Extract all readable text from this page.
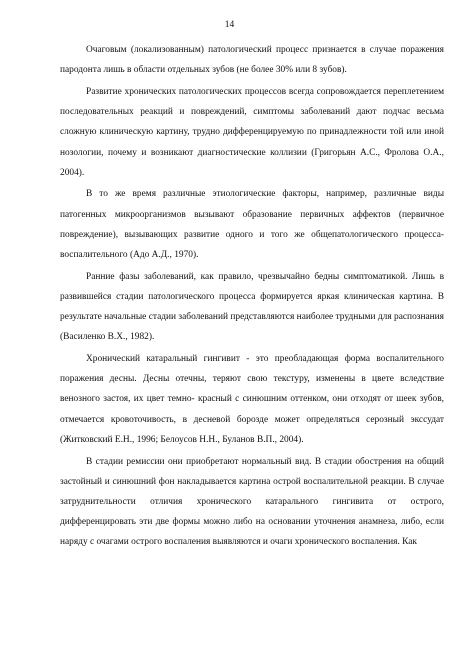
14

Очаговым (локализованным) патологический процесс признается в случае поражения пародонта лишь в области отдельных зубов (не более 30% или 8 зубов).

Развитие хронических патологических процессов всегда сопровождается переплетением последовательных реакций и повреждений, симптомы заболеваний дают подчас весьма сложную клиническую картину, трудно дифференцируемую по принадлежности той или иной нозологии, почему и возникают диагностические коллизии (Григорьян А.С., Фролова О.А., 2004).

В то же время различные этиологические факторы, например, различные виды патогенных микроорганизмов вызывают образование первичных аффектов (первичное повреждение), вызывающих развитие одного и того же общепатологического процесса- воспалительного (Адо А.Д., 1970).

Ранние фазы заболеваний, как правило, чрезвычайно бедны симптоматикой. Лишь в развившейся стадии патологического процесса формируется яркая клиническая картина. В результате начальные стадии заболеваний представляются наиболее трудными для распознания (Василенко В.Х., 1982).

Хронический катаральный гингивит - это преобладающая форма воспалительного поражения десны. Десны отечны, теряют свою текстуру, изменены в цвете вследствие венозного застоя, их цвет темно- красный с синюшним оттенком, они отходят от шеек зубов, отмечается кровоточивость, в десневой борозде может определяться серозный экссудат (Житковский Е.Н., 1996; Белоусов Н.Н., Буланов В.П., 2004).

В стадии ремиссии они приобретают нормальный вид. В стадии обострения на общий застойный и синюшний фон накладывается картина острой воспалительной реакции. В случае затруднительности отличия хронического катарального гингивита от острого, дифференцировать эти две формы можно либо на основании уточнения анамнеза, либо, если наряду с очагами острого воспаления выявляются и очаги хронического воспаления. Как
